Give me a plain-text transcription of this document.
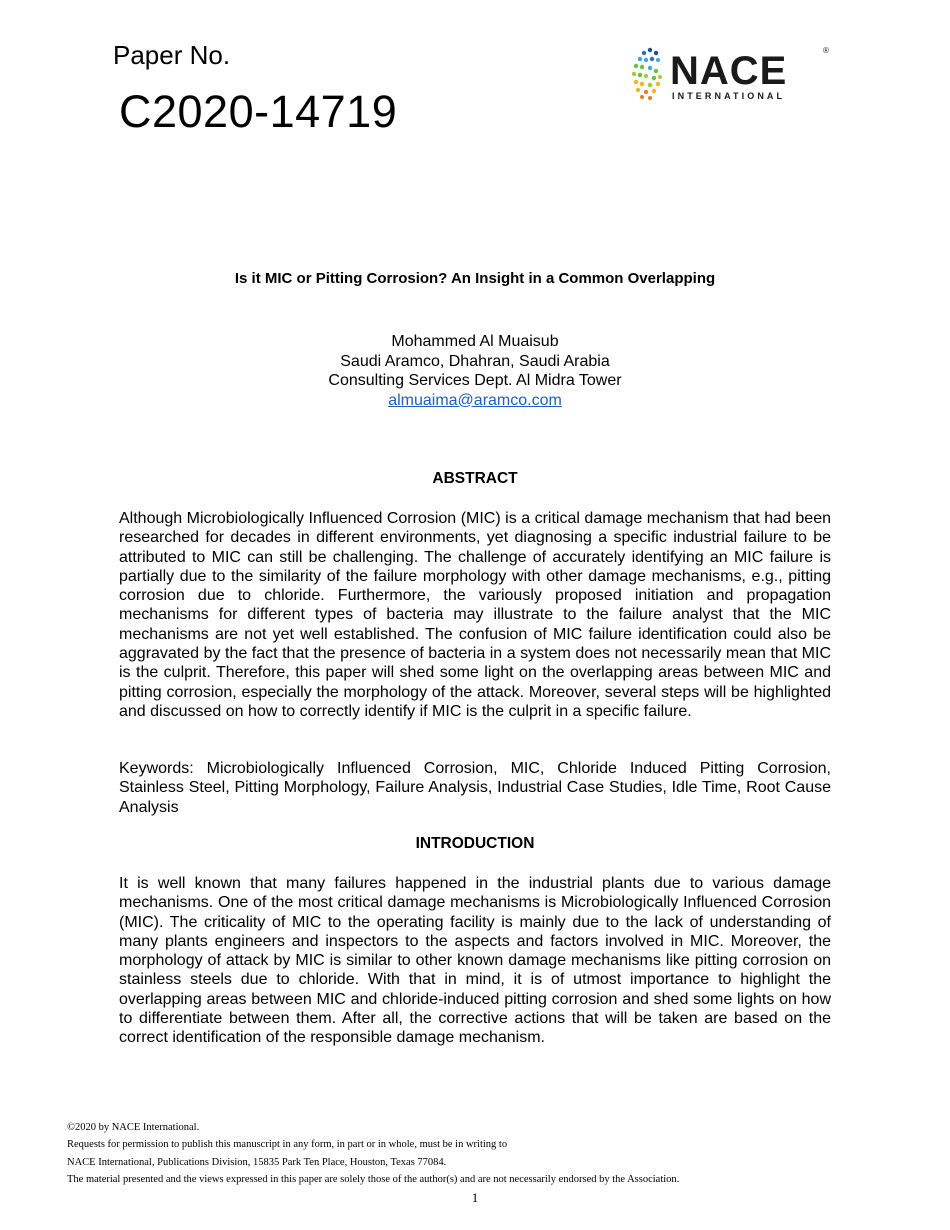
Paper No.
C2020-14719
NACE
INTERNATIONAL
®
Is it MIC or Pitting Corrosion? An Insight in a Common Overlapping
Mohammed Al Muaisub
Saudi Aramco, Dhahran, Saudi Arabia
Consulting Services Dept. Al Midra Tower
almuaima@aramco.com
ABSTRACT
Although Microbiologically Influenced Corrosion (MIC) is a critical damage mechanism that had been researched for decades in different environments, yet diagnosing a specific industrial failure to be attributed to MIC can still be challenging. The challenge of accurately identifying an MIC failure is partially due to the similarity of the failure morphology with other damage mechanisms, e.g., pitting corrosion due to chloride. Furthermore, the variously proposed initiation and propagation mechanisms for different types of bacteria may illustrate to the failure analyst that the MIC mechanisms are not yet well established. The confusion of MIC failure identification could also be aggravated by the fact that the presence of bacteria in a system does not necessarily mean that MIC is the culprit. Therefore, this paper will shed some light on the overlapping areas between MIC and pitting corrosion, especially the morphology of the attack. Moreover, several steps will be highlighted and discussed on how to correctly identify if MIC is the culprit in a specific failure.
Keywords: Microbiologically Influenced Corrosion, MIC, Chloride Induced Pitting Corrosion, Stainless Steel, Pitting Morphology, Failure Analysis, Industrial Case Studies, Idle Time, Root Cause Analysis
INTRODUCTION
It is well known that many failures happened in the industrial plants due to various damage mechanisms. One of the most critical damage mechanisms is Microbiologically Influenced Corrosion (MIC). The criticality of MIC to the operating facility is mainly due to the lack of understanding of many plants engineers and inspectors to the aspects and factors involved in MIC. Moreover, the morphology of attack by MIC is similar to other known damage mechanisms like pitting corrosion on stainless steels due to chloride. With that in mind, it is of utmost importance to highlight the overlapping areas between MIC and chloride-induced pitting corrosion and shed some lights on how to differentiate between them. After all, the corrective actions that will be taken are based on the correct identification of the responsible damage mechanism.
©2020 by NACE International.
Requests for permission to publish this manuscript in any form, in part or in whole, must be in writing to
NACE International, Publications Division, 15835 Park Ten Place, Houston, Texas 77084.
The material presented and the views expressed in this paper are solely those of the author(s) and are not necessarily endorsed by the Association.
1
